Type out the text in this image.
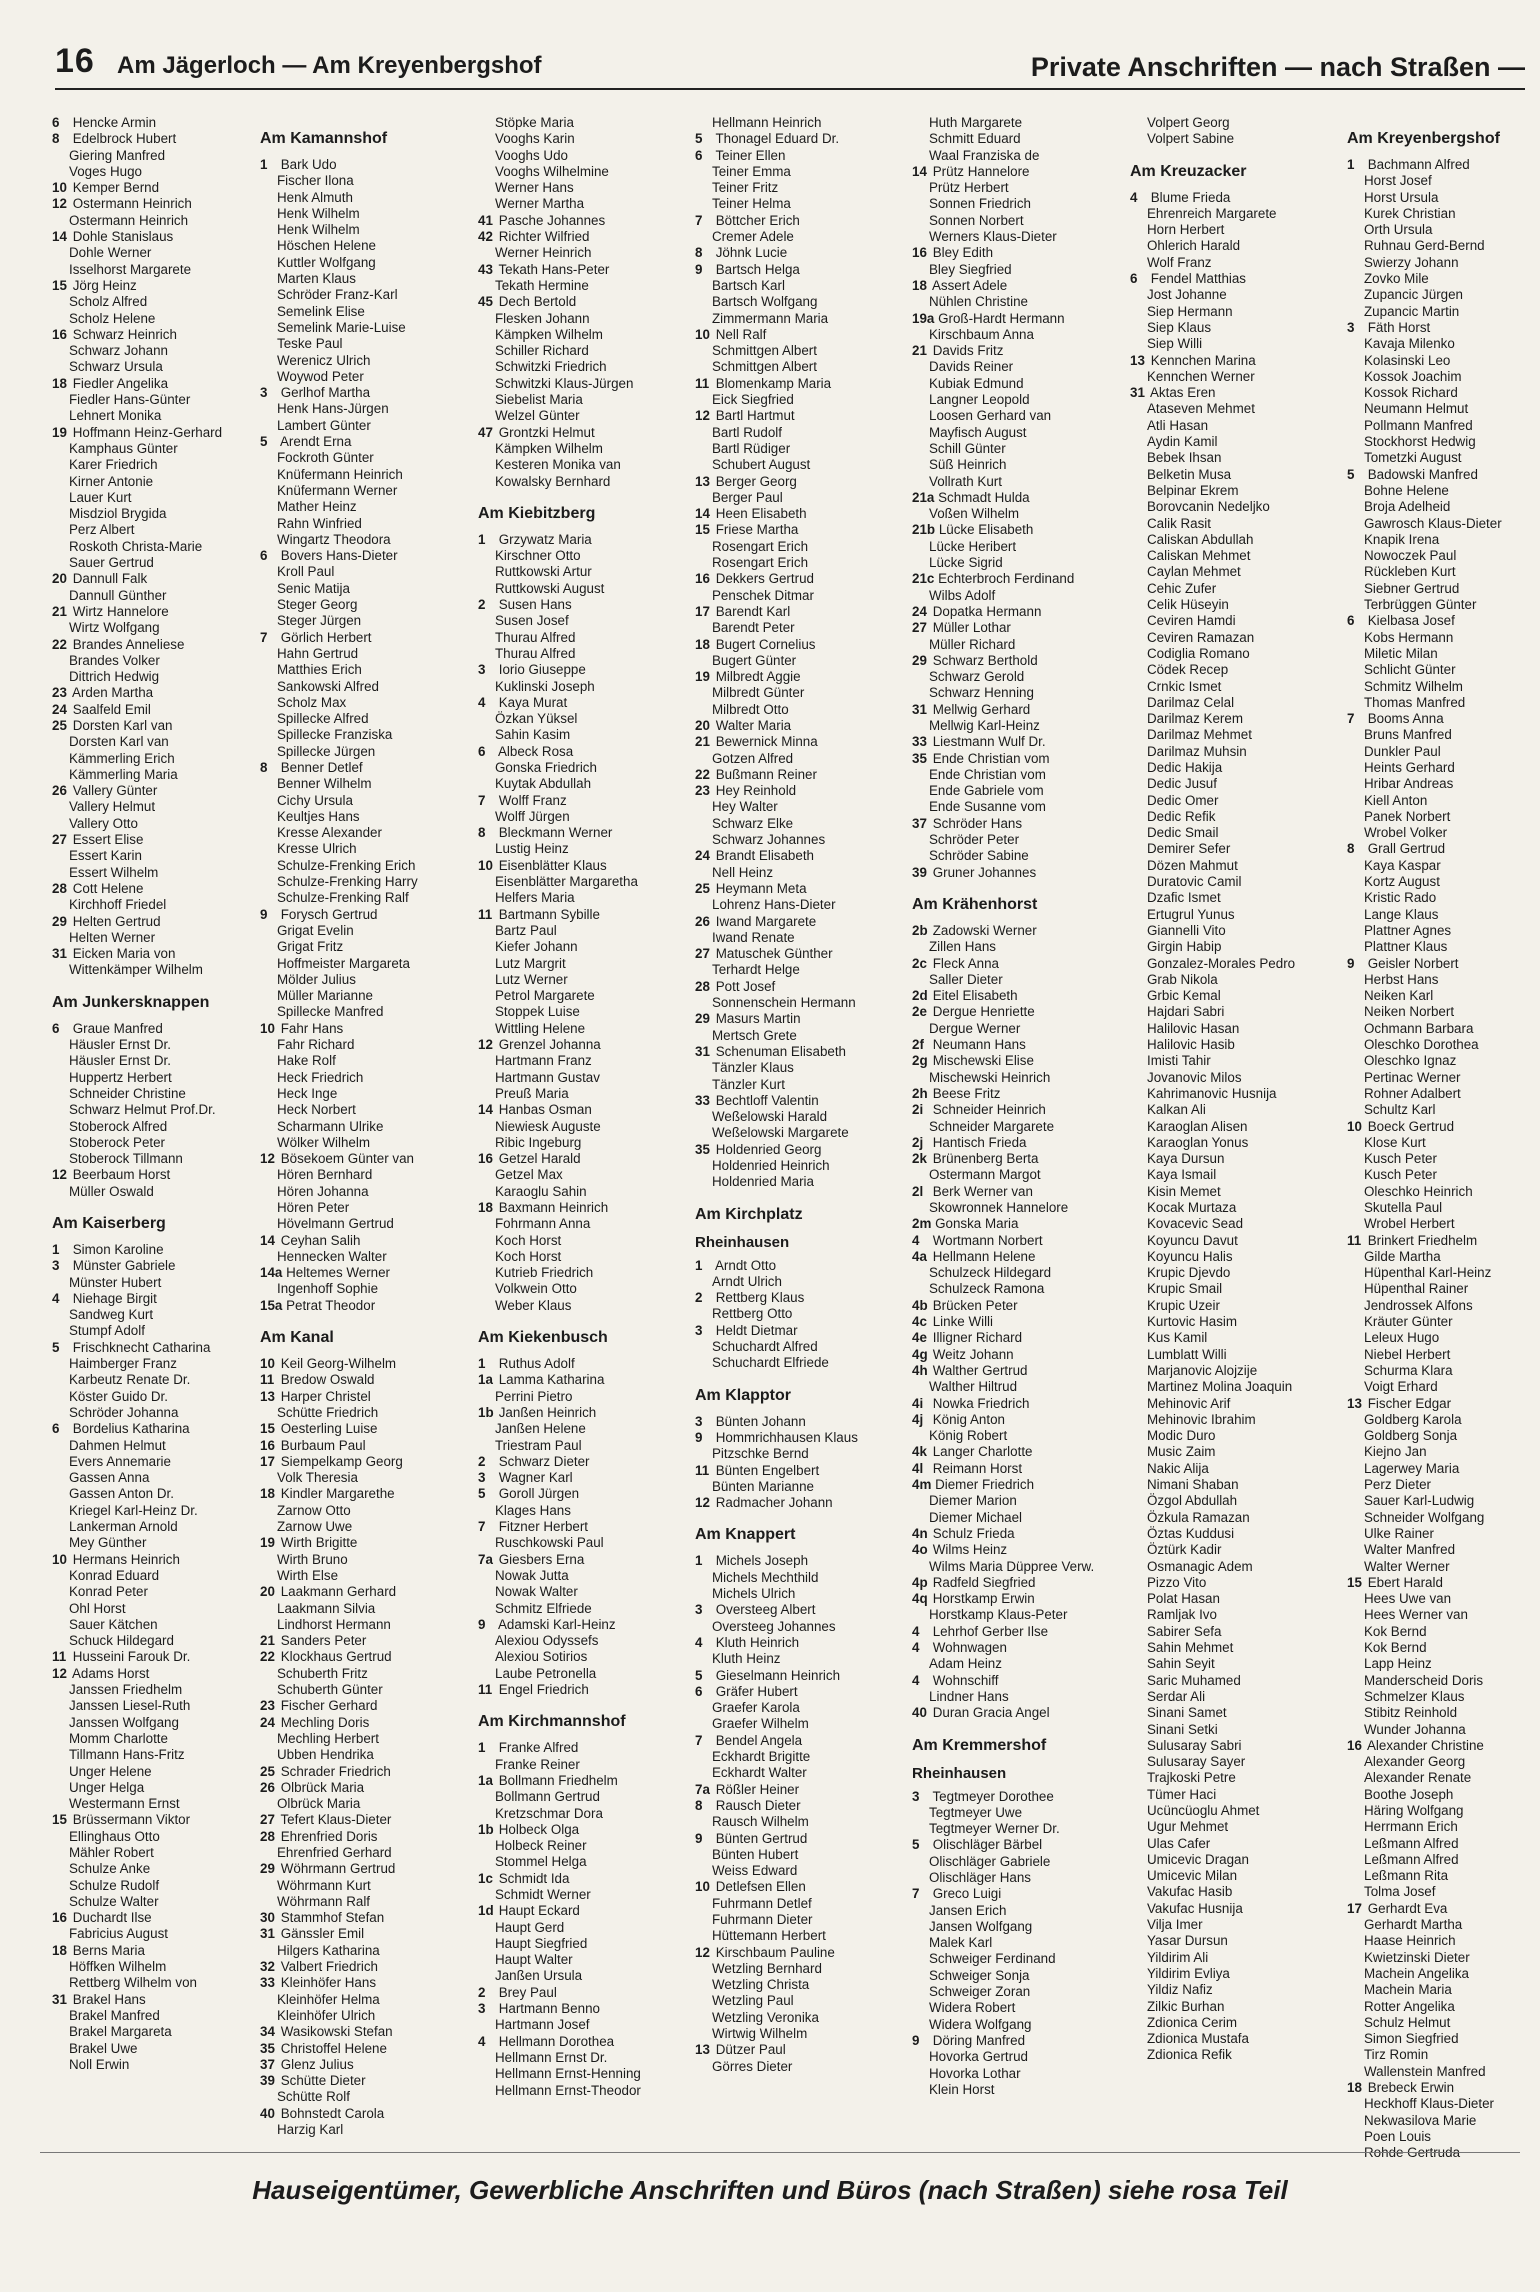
16 Am Jägerloch — Am Kreyenbergshof	Private Anschriften — nach Straßen —
6 Hencke Armin
8 Edelbrock Hubert
Giering Manfred
Voges Hugo
10 Kemper Bernd
12 Ostermann Heinrich
Ostermann Heinrich
14 Dohle Stanislaus
Dohle Werner
Isselhorst Margarete
15 Jörg Heinz
Scholz Alfred
Scholz Helene
16 Schwarz Heinrich
Schwarz Johann
Schwarz Ursula
18 Fiedler Angelika
Fiedler Hans-Günter
Lehnert Monika
19 Hoffmann Heinz-Gerhard
Kamphaus Günter
Karer Friedrich
Kirner Antonie
Lauer Kurt
Misdziol Brygida
Perz Albert
Roskoth Christa-Marie
Sauer Gertrud
20 Dannull Falk
Dannull Günther
21 Wirtz Hannelore
Wirtz Wolfgang
22 Brandes Anneliese
Brandes Volker
Dittrich Hedwig
23 Arden Martha
24 Saalfeld Emil
25 Dorsten Karl van
Dorsten Karl van
Kämmerling Erich
Kämmerling Maria
26 Vallery Günter
Vallery Helmut
Vallery Otto
27 Essert Elise
Essert Karin
Essert Wilhelm
28 Cott Helene
Kirchhoff Friedel
29 Helten Gertrud
Helten Werner
31 Eicken Maria von
Wittenkämper Wilhelm
Am Junkersknappen
6 Graue Manfred
Häusler Ernst Dr.
Häusler Ernst Dr.
Huppertz Herbert
Schneider Christine
Schwarz Helmut Prof.Dr.
Stoberock Alfred
Stoberock Peter
Stoberock Tillmann
12 Beerbaum Horst
Müller Oswald
Am Kaiserberg
1 Simon Karoline
3 Münster Gabriele
Münster Hubert
4 Niehage Birgit
Sandweg Kurt
Stumpf Adolf
5 Frischknecht Catharina
Haimberger Franz
Karbeutz Renate Dr.
Köster Guido Dr.
Schröder Johanna
6 Bordelius Katharina
Dahmen Helmut
Evers Annemarie
Gassen Anna
Gassen Anton Dr.
Kriegel Karl-Heinz Dr.
Lankerman Arnold
Mey Günther
10 Hermans Heinrich
Konrad Eduard
Konrad Peter
Ohl Horst
Sauer Kätchen
Schuck Hildegard
11 Husseini Farouk Dr.
12 Adams Horst
Janssen Friedhelm
Janssen Liesel-Ruth
Janssen Wolfgang
Momm Charlotte
Tillmann Hans-Fritz
Unger Helene
Unger Helga
Westermann Ernst
15 Brüssermann Viktor
Ellinghaus Otto
Mähler Robert
Schulze Anke
Schulze Rudolf
Schulze Walter
16 Duchardt Ilse
Fabricius August
18 Berns Maria
Höffken Wilhelm
Rettberg Wilhelm von
31 Brakel Hans
Brakel Manfred
Brakel Margareta
Brakel Uwe
Noll Erwin
Am Kamannshof
1 Bark Udo
Fischer Ilona
Henk Almuth
Henk Wilhelm
Henk Wilhelm
Höschen Helene
Kuttler Wolfgang
Marten Klaus
Schröder Franz-Karl
Semelink Elise
Semelink Marie-Luise
Teske Paul
Werenicz Ulrich
Woywod Peter
3 Gerlhof Martha
Henk Hans-Jürgen
Lambert Günter
5 Arendt Erna
Fockroth Günter
Knüfermann Heinrich
Knüfermann Werner
Mather Heinz
Rahn Winfried
Wingartz Theodora
6 Bovers Hans-Dieter
Kroll Paul
Senic Matija
Steger Georg
Steger Jürgen
7 Görlich Herbert
Hahn Gertrud
Matthies Erich
Sankowski Alfred
Scholz Max
Spillecke Alfred
Spillecke Franziska
Spillecke Jürgen
8 Benner Detlef
Benner Wilhelm
Cichy Ursula
Keultjes Hans
Kresse Alexander
Kresse Ulrich
Schulze-Frenking Erich
Schulze-Frenking Harry
Schulze-Frenking Ralf
9 Forysch Gertrud
Grigat Evelin
Grigat Fritz
Hoffmeister Margareta
Mölder Julius
Müller Marianne
Spillecke Manfred
10 Fahr Hans
Fahr Richard
Hake Rolf
Heck Friedrich
Heck Inge
Heck Norbert
Scharmann Ulrike
Wölker Wilhelm
12 Bösekoem Günter van
Hören Bernhard
Hören Johanna
Hören Peter
Hövelmann Gertrud
14 Ceyhan Salih
Hennecken Walter
14a Heltemes Werner
Ingenhoff Sophie
15a Petrat Theodor
Am Kanal
10 Keil Georg-Wilhelm
11 Bredow Oswald
13 Harper Christel
Schütte Friedrich
15 Oesterling Luise
16 Burbaum Paul
17 Siempelkamp Georg
Volk Theresia
18 Kindler Margarethe
Zarnow Otto
Zarnow Uwe
19 Wirth Brigitte
Wirth Bruno
Wirth Else
20 Laakmann Gerhard
Laakmann Silvia
Lindhorst Hermann
21 Sanders Peter
22 Klockhaus Gertrud
Schuberth Fritz
Schuberth Günter
23 Fischer Gerhard
24 Mechling Doris
Mechling Herbert
Ubben Hendrika
25 Schrader Friedrich
26 Olbrück Maria
Olbrück Maria
27 Tefert Klaus-Dieter
28 Ehrenfried Doris
Ehrenfried Gerhard
29 Wöhrmann Gertrud
Wöhrmann Kurt
Wöhrmann Ralf
30 Stammhof Stefan
31 Gänssler Emil
Hilgers Katharina
32 Valbert Friedrich
33 Kleinhöfer Hans
Kleinhöfer Helma
Kleinhöfer Ulrich
34 Wasikowski Stefan
35 Christoffel Helene
37 Glenz Julius
39 Schütte Dieter
Schütte Rolf
40 Bohnstedt Carola
Harzig Karl
Stöpke Maria
Vooghs Karin
Vooghs Udo
Vooghs Wilhelmine
Werner Hans
Werner Martha
41 Pasche Johannes
42 Richter Wilfried
Werner Heinrich
43 Tekath Hans-Peter
Tekath Hermine
45 Dech Bertold
Flesken Johann
Kämpken Wilhelm
Schiller Richard
Schwitzki Friedrich
Schwitzki Klaus-Jürgen
Siebelist Maria
Welzel Günter
47 Grontzki Helmut
Kämpken Wilhelm
Kesteren Monika van
Kowalsky Bernhard
Am Kiebitzberg
1 Grzywatz Maria
Kirschner Otto
Ruttkowski Artur
Ruttkowski August
2 Susen Hans
Susen Josef
Thurau Alfred
Thurau Alfred
3 Iorio Giuseppe
Kuklinski Joseph
4 Kaya Murat
Özkan Yüksel
Sahin Kasim
6 Albeck Rosa
Gonska Friedrich
Kuytak Abdullah
7 Wolff Franz
Wolff Jürgen
8 Bleckmann Werner
Lustig Heinz
10 Eisenblätter Klaus
Eisenblätter Margaretha
Helfers Maria
11 Bartmann Sybille
Bartz Paul
Kiefer Johann
Lutz Margrit
Lutz Werner
Petrol Margarete
Stoppek Luise
Wittling Helene
12 Grenzel Johanna
Hartmann Franz
Hartmann Gustav
Preuß Maria
14 Hanbas Osman
Niewiesk Auguste
Ribic Ingeburg
16 Getzel Harald
Getzel Max
Karaoglu Sahin
18 Baxmann Heinrich
Fohrmann Anna
Koch Horst
Koch Horst
Kutrieb Friedrich
Volkwein Otto
Weber Klaus
Am Kiekenbusch
1 Ruthus Adolf
1a Lamma Katharina
Perrini Pietro
1b Janßen Heinrich
Janßen Helene
Triestram Paul
2 Schwarz Dieter
3 Wagner Karl
5 Goroll Jürgen
Klages Hans
7 Fitzner Herbert
Ruschkowski Paul
7a Giesbers Erna
Nowak Jutta
Nowak Walter
Schmitz Elfriede
9 Adamski Karl-Heinz
Alexiou Odyssefs
Alexiou Sotirios
Laube Petronella
11 Engel Friedrich
Am Kirchmannshof
1 Franke Alfred
Franke Reiner
1a Bollmann Friedhelm
Bollmann Gertrud
Kretzschmar Dora
1b Holbeck Olga
Holbeck Reiner
Stommel Helga
1c Schmidt Ida
Schmidt Werner
1d Haupt Eckard
Haupt Gerd
Haupt Siegfried
Haupt Walter
Janßen Ursula
2 Brey Paul
3 Hartmann Benno
Hartmann Josef
4 Hellmann Dorothea
Hellmann Ernst Dr.
Hellmann Ernst-Henning
Hellmann Ernst-Theodor
Hellmann Heinrich
5 Thonagel Eduard Dr.
6 Teiner Ellen
Teiner Emma
Teiner Fritz
Teiner Helma
7 Böttcher Erich
Cremer Adele
8 Jöhnk Lucie
9 Bartsch Helga
Bartsch Karl
Bartsch Wolfgang
Zimmermann Maria
10 Nell Ralf
Schmittgen Albert
Schmittgen Albert
11 Blomenkamp Maria
Eick Siegfried
12 Bartl Hartmut
Bartl Rudolf
Bartl Rüdiger
Schubert August
13 Berger Georg
Berger Paul
14 Heen Elisabeth
15 Friese Martha
Rosengart Erich
Rosengart Erich
16 Dekkers Gertrud
Penschek Ditmar
17 Barendt Karl
Barendt Peter
18 Bugert Cornelius
Bugert Günter
19 Milbredt Aggie
Milbredt Günter
Milbredt Otto
20 Walter Maria
21 Bewernick Minna
Gotzen Alfred
22 Bußmann Reiner
23 Hey Reinhold
Hey Walter
Schwarz Elke
Schwarz Johannes
24 Brandt Elisabeth
Nell Heinz
25 Heymann Meta
Lohrenz Hans-Dieter
26 Iwand Margarete
Iwand Renate
27 Matuschek Günther
Terhardt Helge
28 Pott Josef
Sonnenschein Hermann
29 Masurs Martin
Mertsch Grete
31 Schenuman Elisabeth
Tänzler Klaus
Tänzler Kurt
33 Bechtloff Valentin
Weßelowski Harald
Weßelowski Margarete
35 Holdenried Georg
Holdenried Heinrich
Holdenried Maria
Am Kirchplatz
Rheinhausen
1 Arndt Otto
Arndt Ulrich
2 Rettberg Klaus
Rettberg Otto
3 Heldt Dietmar
Schuchardt Alfred
Schuchardt Elfriede
Am Klapptor
3 Bünten Johann
9 Hommrichhausen Klaus
Pitzschke Bernd
11 Bünten Engelbert
Bünten Marianne
12 Radmacher Johann
Am Knappert
1 Michels Joseph
Michels Mechthild
Michels Ulrich
3 Oversteeg Albert
Oversteeg Johannes
4 Kluth Heinrich
Kluth Heinz
5 Gieselmann Heinrich
6 Gräfer Hubert
Graefer Karola
Graefer Wilhelm
7 Bendel Angela
Eckhardt Brigitte
Eckhardt Walter
7a Rößler Heiner
8 Rausch Dieter
Rausch Wilhelm
9 Bünten Gertrud
Bünten Hubert
Weiss Edward
10 Detlefsen Ellen
Fuhrmann Detlef
Fuhrmann Dieter
Hüttemann Herbert
12 Kirschbaum Pauline
Wetzling Bernhard
Wetzling Christa
Wetzling Paul
Wetzling Veronika
Wirtwig Wilhelm
13 Dützer Paul
Görres Dieter
Huth Margarete
Schmitt Eduard
Waal Franziska de
14 Prütz Hannelore
Prütz Herbert
Sonnen Friedrich
Sonnen Norbert
Werners Klaus-Dieter
16 Bley Edith
Bley Siegfried
18 Assert Adele
Nühlen Christine
19a Groß-Hardt Hermann
Kirschbaum Anna
21 Davids Fritz
Davids Reiner
Kubiak Edmund
Langner Leopold
Loosen Gerhard van
Mayfisch August
Schill Günter
Süß Heinrich
Vollrath Kurt
21a Schmadt Hulda
Voßen Wilhelm
21b Lücke Elisabeth
Lücke Heribert
Lücke Sigrid
21c Echterbroch Ferdinand
Wilbs Adolf
24 Dopatka Hermann
27 Müller Lothar
Müller Richard
29 Schwarz Berthold
Schwarz Gerold
Schwarz Henning
31 Mellwig Gerhard
Mellwig Karl-Heinz
33 Liestmann Wulf Dr.
35 Ende Christian vom
Ende Christian vom
Ende Gabriele vom
Ende Susanne vom
37 Schröder Hans
Schröder Peter
Schröder Sabine
39 Gruner Johannes
Am Krähenhorst
2b Zadowski Werner
Zillen Hans
2c Fleck Anna
Saller Dieter
2d Eitel Elisabeth
2e Dergue Henriette
Dergue Werner
2f Neumann Hans
2g Mischewski Elise
Mischewski Heinrich
2h Beese Fritz
2i Schneider Heinrich
Schneider Margarete
2j Hantisch Frieda
2k Brünenberg Berta
Ostermann Margot
2l Berk Werner van
Skowronnek Hannelore
2m Gonska Maria
4 Wortmann Norbert
4a Hellmann Helene
Schulzeck Hildegard
Schulzeck Ramona
4b Brücken Peter
4c Linke Willi
4e Illigner Richard
4g Weitz Johann
4h Walther Gertrud
Walther Hiltrud
4i Nowka Friedrich
4j König Anton
König Robert
4k Langer Charlotte
4l Reimann Horst
4m Diemer Friedrich
Diemer Marion
Diemer Michael
4n Schulz Frieda
4o Wilms Heinz
Wilms Maria Düppree Verw.
4p Radfeld Siegfried
4q Horstkamp Erwin
Horstkamp Klaus-Peter
4 Lehrhof Gerber Ilse
4 Wohnwagen
Adam Heinz
4 Wohnschiff
Lindner Hans
40 Duran Gracia Angel
Am Kremmershof
Rheinhausen
3 Tegtmeyer Dorothee
Tegtmeyer Uwe
Tegtmeyer Werner Dr.
5 Olischläger Bärbel
Olischläger Gabriele
Olischläger Hans
7 Greco Luigi
Jansen Erich
Jansen Wolfgang
Malek Karl
Schweiger Ferdinand
Schweiger Sonja
Schweiger Zoran
Widera Robert
Widera Wolfgang
9 Döring Manfred
Hovorka Gertrud
Hovorka Lothar
Klein Horst
Volpert Georg
Volpert Sabine
Am Kreuzacker
4 Blume Frieda
Ehrenreich Margarete
Horn Herbert
Ohlerich Harald
Wolf Franz
6 Fendel Matthias
Jost Johanne
Siep Hermann
Siep Klaus
Siep Willi
13 Kennchen Marina
Kennchen Werner
31 Aktas Eren
Ataseven Mehmet
Atli Hasan
Aydin Kamil
Bebek Ihsan
Belketin Musa
Belpinar Ekrem
Borovcanin Nedeljko
Calik Rasit
Caliskan Abdullah
Caliskan Mehmet
Caylan Mehmet
Cehic Zufer
Celik Hüseyin
Ceviren Hamdi
Ceviren Ramazan
Codiglia Romano
Cödek Recep
Crnkic Ismet
Darilmaz Celal
Darilmaz Kerem
Darilmaz Mehmet
Darilmaz Muhsin
Dedic Hakija
Dedic Jusuf
Dedic Omer
Dedic Refik
Dedic Smail
Demirer Sefer
Dözen Mahmut
Duratovic Camil
Dzafic Ismet
Ertugrul Yunus
Giannelli Vito
Girgin Habip
Gonzalez-Morales Pedro
Grab Nikola
Grbic Kemal
Hajdari Sabri
Halilovic Hasan
Halilovic Hasib
Imisti Tahir
Jovanovic Milos
Kahrimanovic Husnija
Kalkan Ali
Karaoglan Alisen
Karaoglan Yonus
Kaya Dursun
Kaya Ismail
Kisin Memet
Kocak Murtaza
Kovacevic Sead
Koyuncu Davut
Koyuncu Halis
Krupic Djevdo
Krupic Smail
Krupic Uzeir
Kurtovic Hasim
Kus Kamil
Lumblatt Willi
Marjanovic Alojzije
Martinez Molina Joaquin
Mehinovic Arif
Mehinovic Ibrahim
Modic Duro
Music Zaim
Nakic Alija
Nimani Shaban
Özgol Abdullah
Özkula Ramazan
Öztas Kuddusi
Öztürk Kadir
Osmanagic Adem
Pizzo Vito
Polat Hasan
Ramljak Ivo
Sabirer Sefa
Sahin Mehmet
Sahin Seyit
Saric Muhamed
Serdar Ali
Sinani Samet
Sinani Setki
Sulusaray Sabri
Sulusaray Sayer
Trajkoski Petre
Tümer Haci
Ucüncüoglu Ahmet
Ugur Mehmet
Ulas Cafer
Umicevic Dragan
Umicevic Milan
Vakufac Hasib
Vakufac Husnija
Vilja Imer
Yasar Dursun
Yildirim Ali
Yildirim Evliya
Yildiz Nafiz
Zilkic Burhan
Zdionica Cerim
Zdionica Mustafa
Zdionica Refik
Am Kreyenbergshof
1 Bachmann Alfred
Horst Josef
Horst Ursula
Kurek Christian
Orth Ursula
Ruhnau Gerd-Bernd
Swierzy Johann
Zovko Mile
Zupancic Jürgen
Zupancic Martin
3 Fäth Horst
Kavaja Milenko
Kolasinski Leo
Kossok Joachim
Kossok Richard
Neumann Helmut
Pollmann Manfred
Stockhorst Hedwig
Tometzki August
5 Badowski Manfred
Bohne Helene
Broja Adelheid
Gawrosch Klaus-Dieter
Knapik Irena
Nowoczek Paul
Rückleben Kurt
Siebner Gertrud
Terbrüggen Günter
6 Kielbasa Josef
Kobs Hermann
Miletic Milan
Schlicht Günter
Schmitz Wilhelm
Thomas Manfred
7 Booms Anna
Bruns Manfred
Dunkler Paul
Heints Gerhard
Hribar Andreas
Kiell Anton
Panek Norbert
Wrobel Volker
8 Grall Gertrud
Kaya Kaspar
Kortz August
Kristic Rado
Lange Klaus
Plattner Agnes
Plattner Klaus
9 Geisler Norbert
Herbst Hans
Neiken Karl
Neiken Norbert
Ochmann Barbara
Oleschko Dorothea
Oleschko Ignaz
Pertinac Werner
Rohner Adalbert
Schultz Karl
10 Boeck Gertrud
Klose Kurt
Kusch Peter
Kusch Peter
Oleschko Heinrich
Skutella Paul
Wrobel Herbert
11 Brinkert Friedhelm
Gilde Martha
Hüpenthal Karl-Heinz
Hüpenthal Rainer
Jendrossek Alfons
Kräuter Günter
Leleux Hugo
Niebel Herbert
Schurma Klara
Voigt Erhard
13 Fischer Edgar
Goldberg Karola
Goldberg Sonja
Kiejno Jan
Lagerwey Maria
Perz Dieter
Sauer Karl-Ludwig
Schneider Wolfgang
Ulke Rainer
Walter Manfred
Walter Werner
15 Ebert Harald
Hees Uwe van
Hees Werner van
Kok Bernd
Kok Bernd
Lapp Heinz
Manderscheid Doris
Schmelzer Klaus
Stibitz Reinhold
Wunder Johanna
16 Alexander Christine
Alexander Georg
Alexander Renate
Boothe Joseph
Häring Wolfgang
Herrmann Erich
Leßmann Alfred
Leßmann Alfred
Leßmann Rita
Tolma Josef
17 Gerhardt Eva
Gerhardt Martha
Haase Heinrich
Kwietzinski Dieter
Machein Angelika
Machein Maria
Rotter Angelika
Schulz Helmut
Simon Siegfried
Tirz Romin
Wallenstein Manfred
18 Brebeck Erwin
Heckhoff Klaus-Dieter
Nekwasilova Marie
Poen Louis
Rohde Gertruda
Hauseigentümer, Gewerbliche Anschriften und Büros (nach Straßen) siehe rosa Teil
